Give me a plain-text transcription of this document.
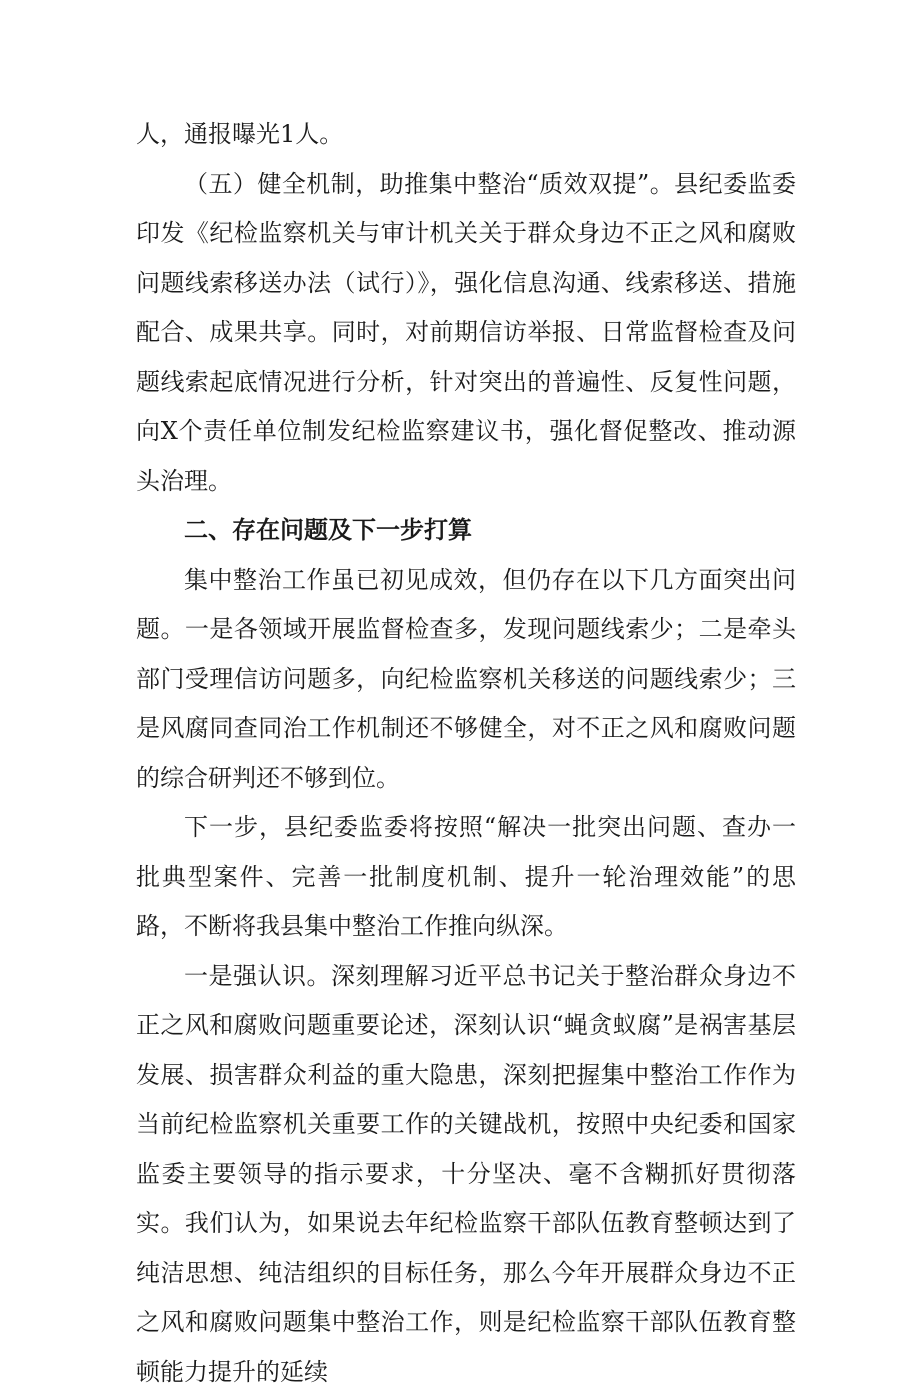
人，通报曝光1人。

（五）健全机制，助推集中整治“质效双提”。县纪委监委印发《纪检监察机关与审计机关关于群众身边不正之风和腐败问题线索移送办法（试行）》，强化信息沟通、线索移送、措施配合、成果共享。同时，对前期信访举报、日常监督检查及问题线索起底情况进行分析，针对突出的普遍性、反复性问题，向X个责任单位制发纪检监察建议书，强化督促整改、推动源头治理。

二、存在问题及下一步打算

集中整治工作虽已初见成效，但仍存在以下几方面突出问题。一是各领域开展监督检查多，发现问题线索少；二是牵头部门受理信访问题多，向纪检监察机关移送的问题线索少；三是风腐同查同治工作机制还不够健全，对不正之风和腐败问题的综合研判还不够到位。

下一步，县纪委监委将按照“解决一批突出问题、查办一批典型案件、完善一批制度机制、提升一轮治理效能”的思路，不断将我县集中整治工作推向纵深。

一是强认识。深刻理解习近平总书记关于整治群众身边不正之风和腐败问题重要论述，深刻认识“蝇贪蚁腐”是祸害基层发展、损害群众利益的重大隐患，深刻把握集中整治工作作为当前纪检监察机关重要工作的关键战机，按照中央纪委和国家监委主要领导的指示要求，十分坚决、毫不含糊抓好贯彻落实。我们认为，如果说去年纪检监察干部队伍教育整顿达到了纯洁思想、纯洁组织的目标任务，那么今年开展群众身边不正之风和腐败问题集中整治工作，则是纪检监察干部队伍教育整顿能力提升的延续
